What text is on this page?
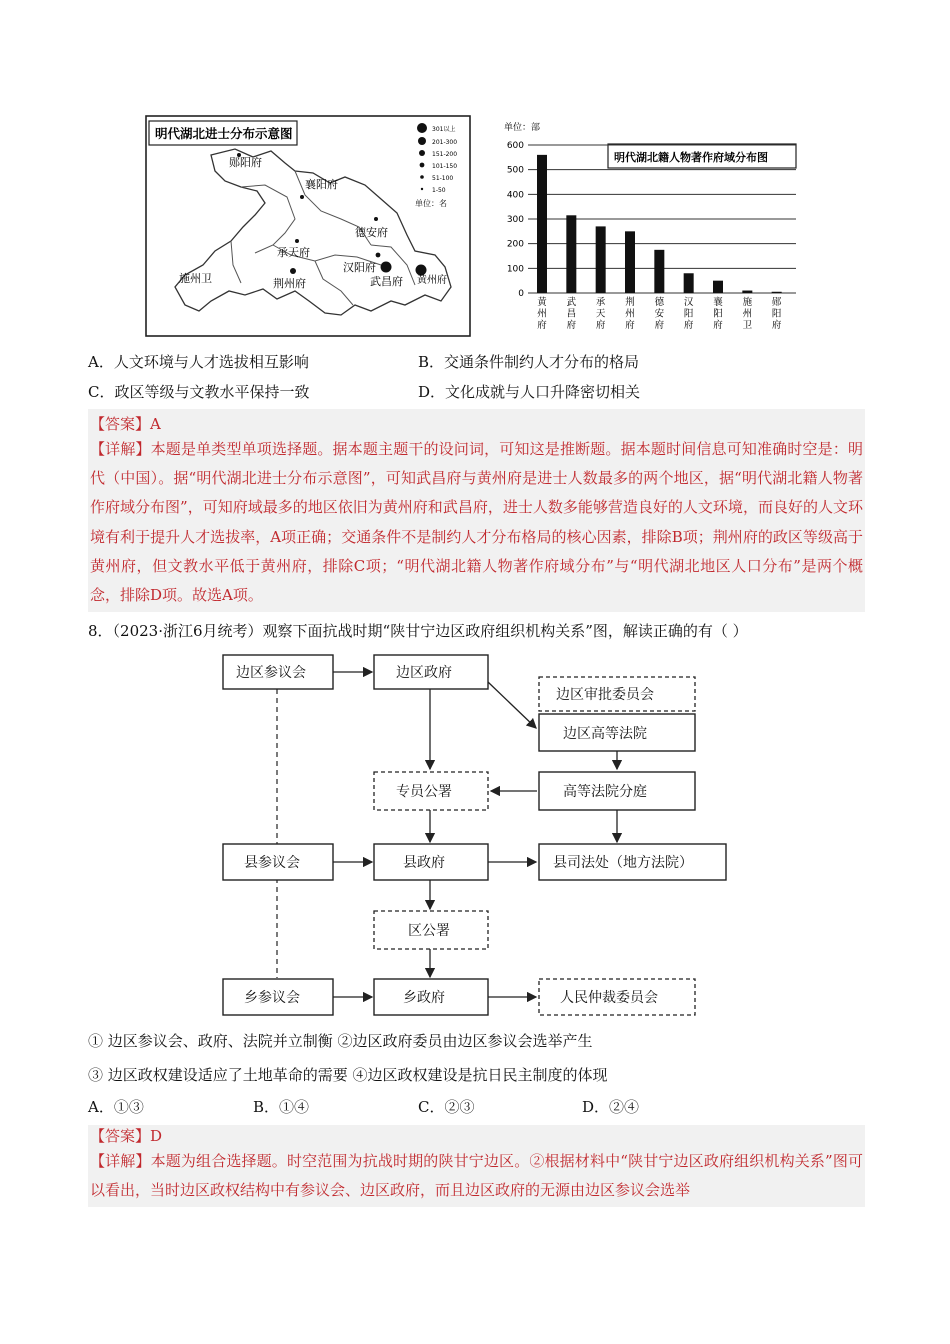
明代湖北进士分布示意图	301以上
201-300
151-200
101-150
51-100
1-50
单位：名
郧阳府
襄阳府
德安府
承天府
汉阳府
施州卫	荆州府	武昌府 黄州府
单位：部
明代湖北籍人物著作府域分布图
0
100
200
300
400
500
600
黄州府
武昌府
承天府
荆州府
德安府
汉阳府
襄阳府
施州卫
郧阳府
A．人文环境与人才选拔相互影响	B．交通条件制约人才分布的格局
C．政区等级与文教水平保持一致	D．文化成就与人口升降密切相关
【答案】A
【详解】本题是单类型单项选择题。据本题主题干的设问词，可知这是推断题。据本题时间信息可知准确时空是：明代（中国）。据“明代湖北进士分布示意图”，可知武昌府与黄州府是进士人数最多的两个地区，据“明代湖北籍人物著作府域分布图”，可知府域最多的地区依旧为黄州府和武昌府，进士人数多能够营造良好的人文环境，而良好的人文环境有利于提升人才选拔率，A项正确；交通条件不是制约人才分布格局的核心因素，排除B项；荆州府的政区等级高于黄州府，但文教水平低于黄州府，排除C项；“明代湖北籍人物著作府域分布”与“明代湖北地区人口分布”是两个概念，排除D项。故选A项。
8．（2023·浙江6月统考）观察下面抗战时期“陕甘宁边区政府组织机构关系”图，解读正确的有（ ）
边区参议会	边区政府
边区审批委员会
边区高等法院
专员公署	高等法院分庭
县参议会	县政府	县司法处（地方法院）
区公署
乡参议会	乡政府	人民仲裁委员会
① 边区参议会、政府、法院并立制衡 ②边区政府委员由边区参议会选举产生
③ 边区政权建设适应了土地革命的需要 ④边区政权建设是抗日民主制度的体现
A．①③	B．①④	C．②③	D．②④
【答案】D
【详解】本题为组合选择题。时空范围为抗战时期的陕甘宁边区。②根据材料中“陕甘宁边区政府组织机构关系”图可以看出，当时边区政权结构中有参议会、边区政府，而且边区政府的无源由边区参议会选举
